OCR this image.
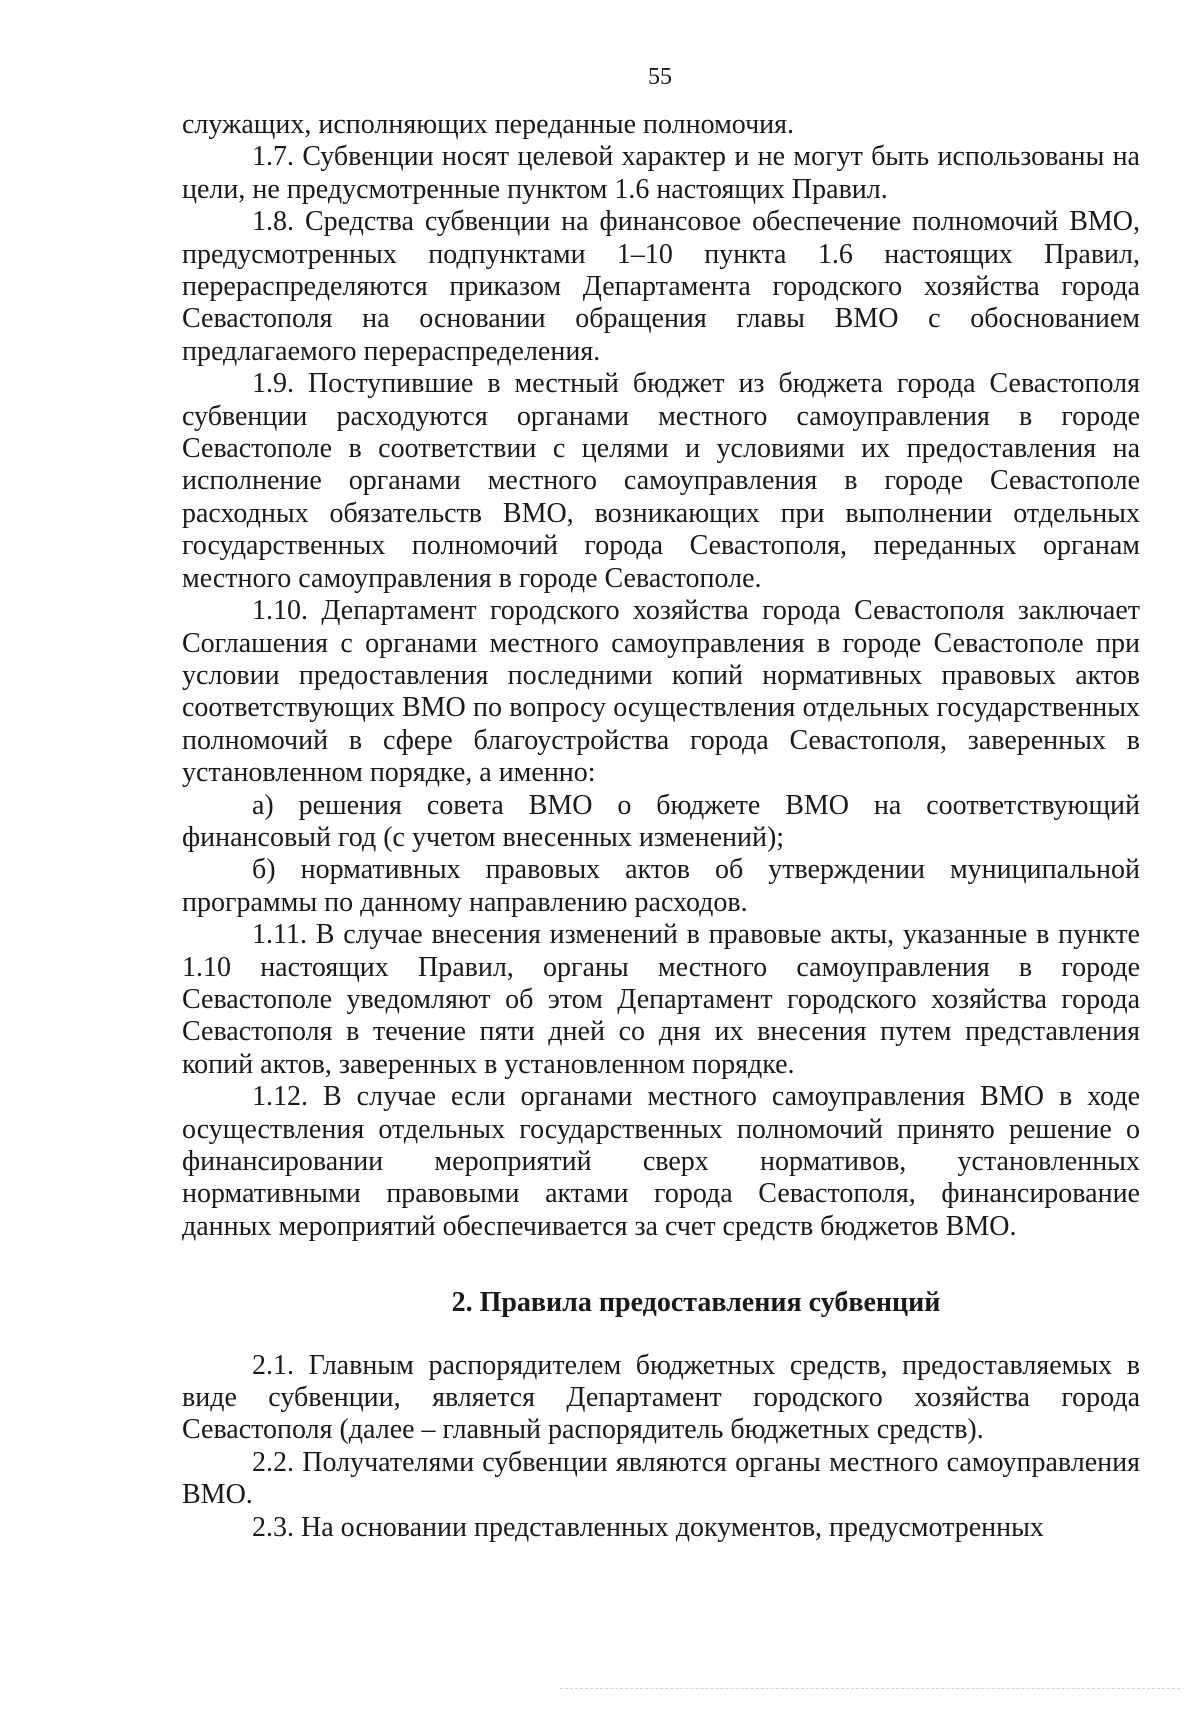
55

служащих, исполняющих переданные полномочия.

1.7. Субвенции носят целевой характер и не могут быть использованы на цели, не предусмотренные пунктом 1.6 настоящих Правил.

1.8. Средства субвенции на финансовое обеспечение полномочий ВМО, предусмотренных подпунктами 1–10 пункта 1.6 настоящих Правил, перераспределяются приказом Департамента городского хозяйства города Севастополя на основании обращения главы ВМО с обоснованием предлагаемого перераспределения.

1.9. Поступившие в местный бюджет из бюджета города Севастополя субвенции расходуются органами местного самоуправления в городе Севастополе в соответствии с целями и условиями их предоставления на исполнение органами местного самоуправления в городе Севастополе расходных обязательств ВМО, возникающих при выполнении отдельных государственных полномочий города Севастополя, переданных органам местного самоуправления в городе Севастополе.

1.10. Департамент городского хозяйства города Севастополя заключает Соглашения с органами местного самоуправления в городе Севастополе при условии предоставления последними копий нормативных правовых актов соответствующих ВМО по вопросу осуществления отдельных государственных полномочий в сфере благоустройства города Севастополя, заверенных в установленном порядке, а именно:

а) решения совета ВМО о бюджете ВМО на соответствующий финансовый год (с учетом внесенных изменений);

б) нормативных правовых актов об утверждении муниципальной программы по данному направлению расходов.

1.11. В случае внесения изменений в правовые акты, указанные в пункте 1.10 настоящих Правил, органы местного самоуправления в городе Севастополе уведомляют об этом Департамент городского хозяйства города Севастополя в течение пяти дней со дня их внесения путем представления копий актов, заверенных в установленном порядке.

1.12. В случае если органами местного самоуправления ВМО в ходе осуществления отдельных государственных полномочий принято решение о финансировании мероприятий сверх нормативов, установленных нормативными правовыми актами города Севастополя, финансирование данных мероприятий обеспечивается за счет средств бюджетов ВМО.

2. Правила предоставления субвенций

2.1. Главным распорядителем бюджетных средств, предоставляемых в виде субвенции, является Департамент городского хозяйства города Севастополя (далее – главный распорядитель бюджетных средств).

2.2. Получателями субвенции являются органы местного самоуправления ВМО.

2.3. На основании представленных документов, предусмотренных
